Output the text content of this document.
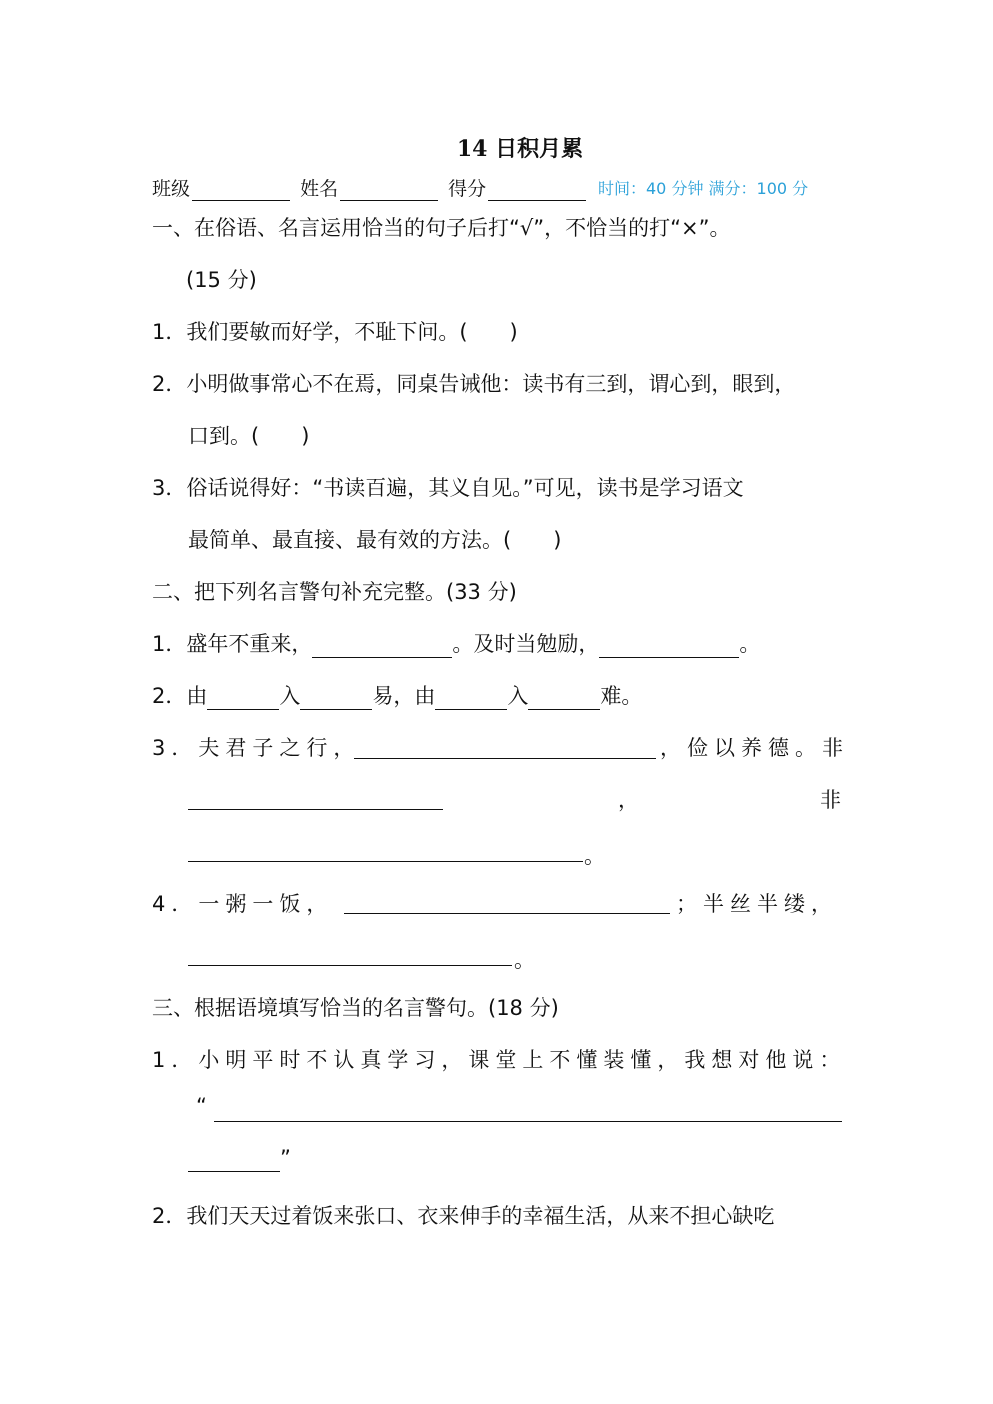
14 日积月累
班级	姓名	得分	时间：40 分钟 满分：100 分
一、在俗语、名言运用恰当的句子后打“√”，不恰当的打“×”。
(15 分)
1．我们要敏而好学，不耻下问。(　　)
2．小明做事常心不在焉，同桌告诫他：读书有三到，谓心到，眼到，
口到。(　　)
3．俗话说得好：“书读百遍，其义自见。”可见，读书是学习语文
最简单、最直接、最有效的方法。(　　)
二、把下列名言警句补充完整。(33 分)
1．盛年不重来，	。及时当勉励，	。
2．由	入	易，由	入	难。
3．夫君子之行，	，俭以养德。非
，	非
。
4．一粥一饭，	；半丝半缕，
。
三、根据语境填写恰当的名言警句。(18 分)
1．小明平时不认真学习，课堂上不懂装懂，我想对他说：
“
”
2．我们天天过着饭来张口、衣来伸手的幸福生活，从来不担心缺吃
